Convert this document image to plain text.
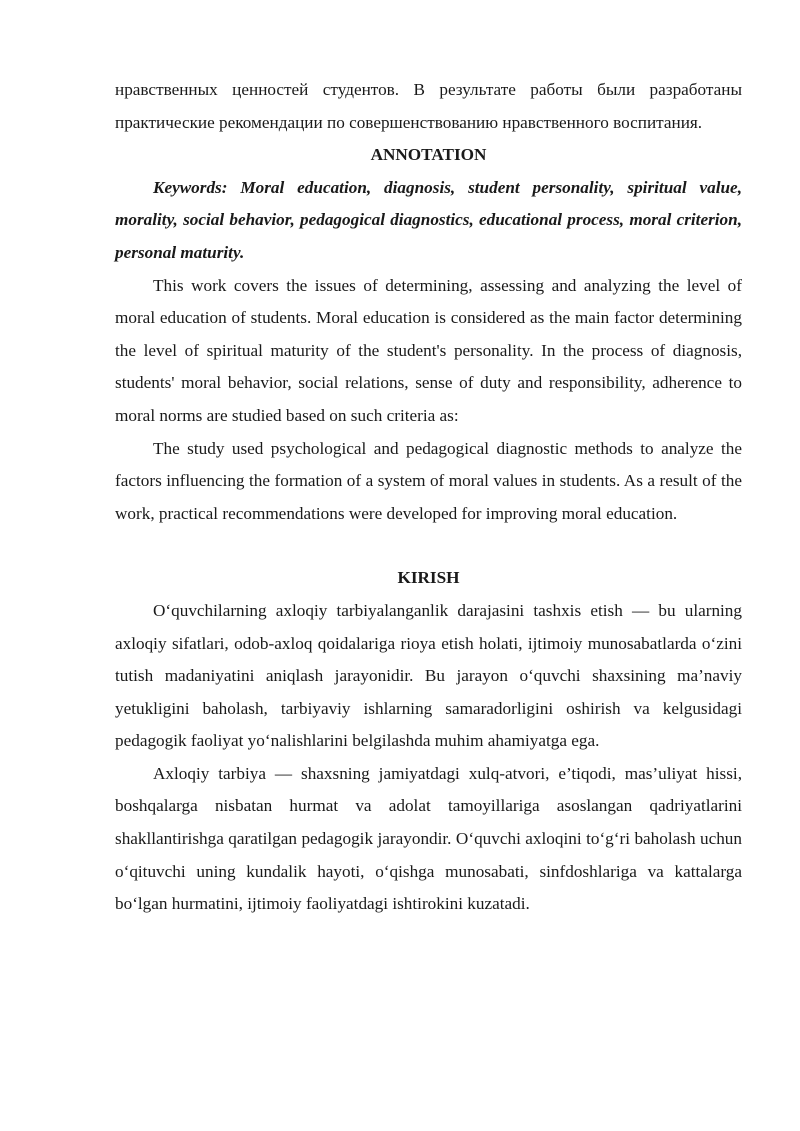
нравственных ценностей студентов. В результате работы были разработаны практические рекомендации по совершенствованию нравственного воспитания.

ANNOTATION

Keywords: Moral education, diagnosis, student personality, spiritual value, morality, social behavior, pedagogical diagnostics, educational process, moral criterion, personal maturity.

This work covers the issues of determining, assessing and analyzing the level of moral education of students. Moral education is considered as the main factor determining the level of spiritual maturity of the student's personality. In the process of diagnosis, students' moral behavior, social relations, sense of duty and responsibility, adherence to moral norms are studied based on such criteria as:

The study used psychological and pedagogical diagnostic methods to analyze the factors influencing the formation of a system of moral values in students. As a result of the work, practical recommendations were developed for improving moral education.

KIRISH

O‘quvchilarning axloqiy tarbiyalanganlik darajasini tashxis etish — bu ularning axloqiy sifatlari, odob-axloq qoidalariga rioya etish holati, ijtimoiy munosabatlarda o‘zini tutish madaniyatini aniqlash jarayonidir. Bu jarayon o‘quvchi shaxsining ma’naviy yetukligini baholash, tarbiyaviy ishlarning samaradorligini oshirish va kelgusidagi pedagogik faoliyat yo‘nalishlarini belgilashda muhim ahamiyatga ega.

Axloqiy tarbiya — shaxsning jamiyatdagi xulq-atvori, e’tiqodi, mas’uliyat hissi, boshqalarga nisbatan hurmat va adolat tamoyillariga asoslangan qadriyatlarini shakllantirishga qaratilgan pedagogik jarayondir. O‘quvchi axloqini to‘g‘ri baholash uchun o‘qituvchi uning kundalik hayoti, o‘qishga munosabati, sinfdoshlariga va kattalarga bo‘lgan hurmatini, ijtimoiy faoliyatdagi ishtirokini kuzatadi.
